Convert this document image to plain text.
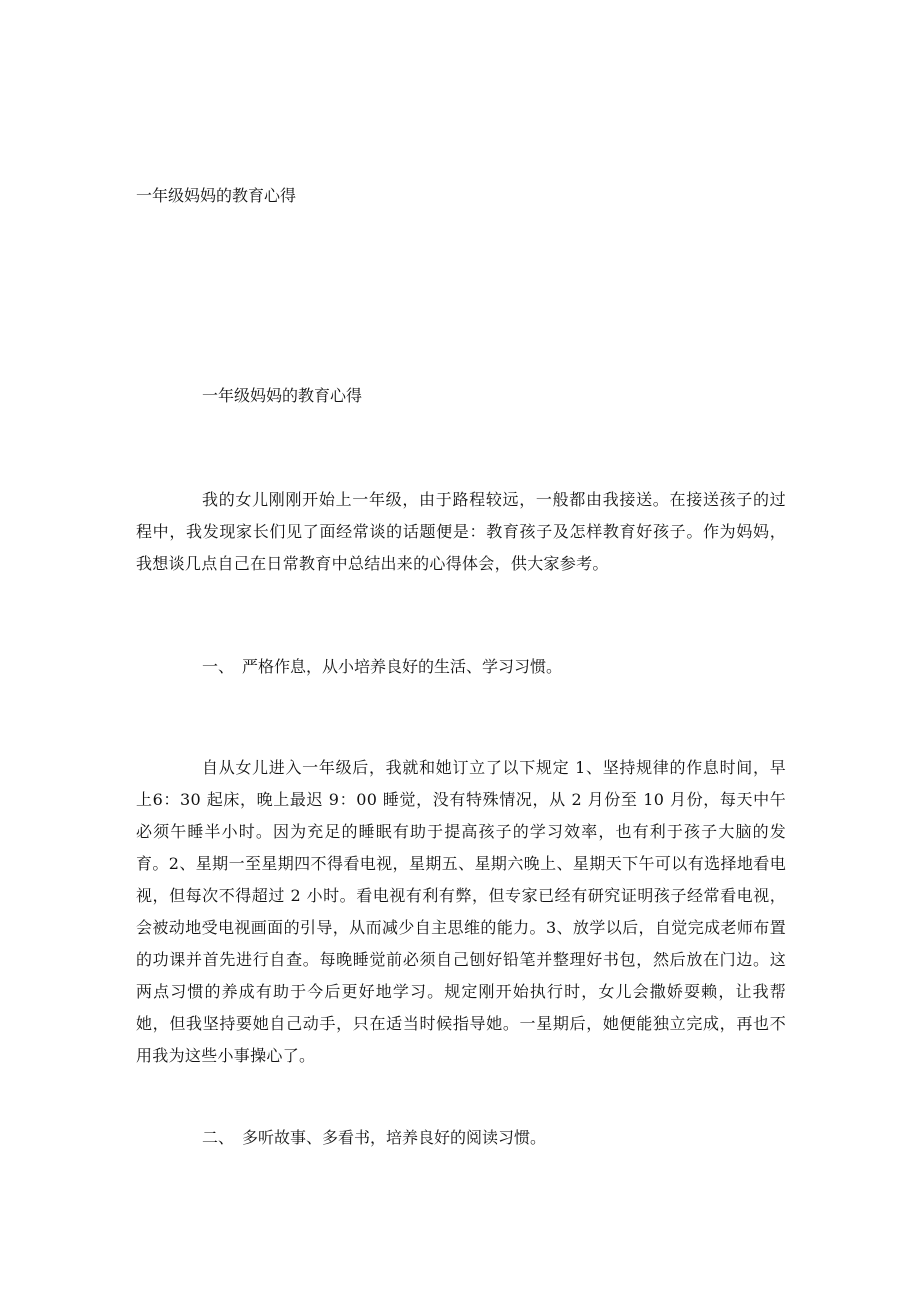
一年级妈妈的教育心得
一年级妈妈的教育心得
我的女儿刚刚开始上一年级，由于路程较远，一般都由我接送。在接送孩子的过程中，我发现家长们见了面经常谈的话题便是：教育孩子及怎样教育好孩子。作为妈妈，我想谈几点自己在日常教育中总结出来的心得体会，供大家参考。
一、 严格作息，从小培养良好的生活、学习习惯。
自从女儿进入一年级后，我就和她订立了以下规定 1、坚持规律的作息时间，早上6：30 起床，晚上最迟 9：00 睡觉，没有特殊情况，从 2 月份至 10 月份，每天中午必须午睡半小时。因为充足的睡眠有助于提高孩子的学习效率，也有利于孩子大脑的发育。2、星期一至星期四不得看电视，星期五、星期六晚上、星期天下午可以有选择地看电视，但每次不得超过 2 小时。看电视有利有弊，但专家已经有研究证明孩子经常看电视，会被动地受电视画面的引导，从而减少自主思维的能力。3、放学以后，自觉完成老师布置的功课并首先进行自查。每晚睡觉前必须自己刨好铅笔并整理好书包，然后放在门边。这两点习惯的养成有助于今后更好地学习。规定刚开始执行时，女儿会撒娇耍赖，让我帮她，但我坚持要她自己动手，只在适当时候指导她。一星期后，她便能独立完成，再也不用我为这些小事操心了。
二、 多听故事、多看书，培养良好的阅读习惯。
